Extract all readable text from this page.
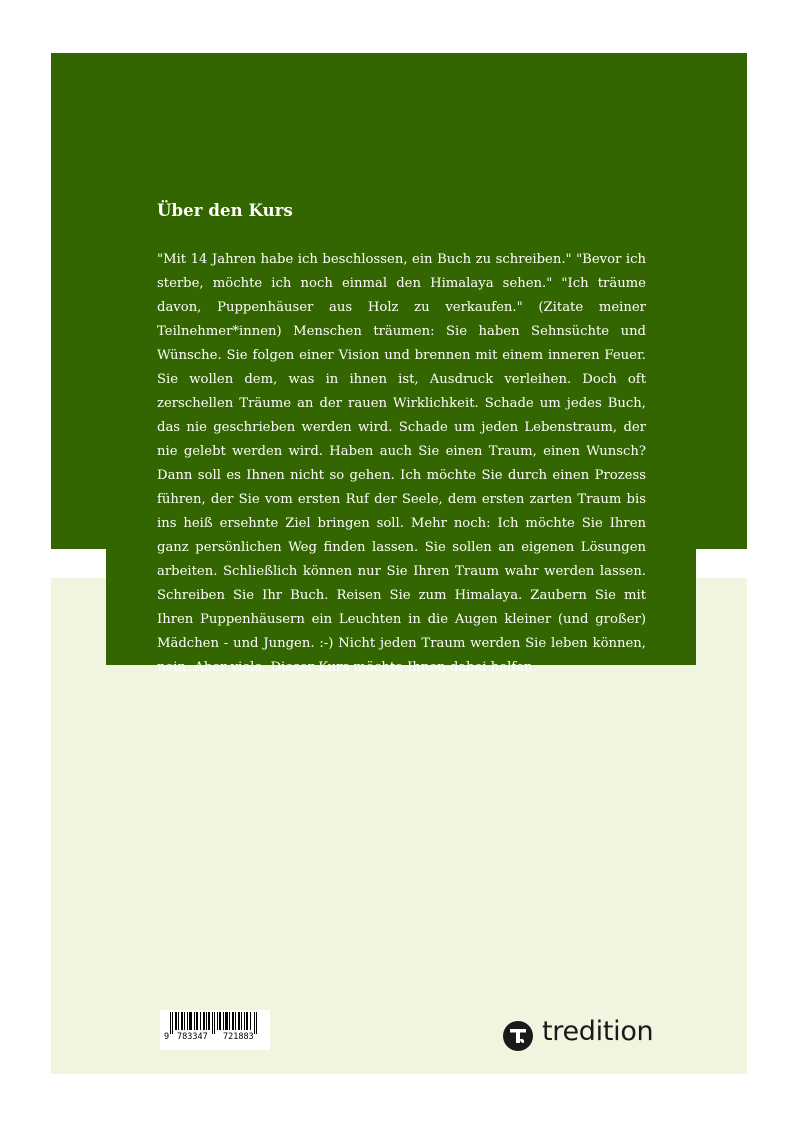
Über den Kurs

"Mit 14 Jahren habe ich beschlossen, ein Buch zu schreiben." "Bevor ich sterbe, möchte ich noch einmal den Himalaya sehen." "Ich träume davon, Puppenhäuser aus Holz zu verkaufen." (Zitate meiner Teilnehmer*innen) Menschen träumen: Sie haben Sehnsüchte und Wünsche. Sie folgen einer Vision und brennen mit einem inneren Feuer. Sie wollen dem, was in ihnen ist, Ausdruck verleihen. Doch oft zerschellen Träume an der rauen Wirklichkeit. Schade um jedes Buch, das nie geschrieben werden wird. Schade um jeden Lebenstraum, der nie gelebt werden wird. Haben auch Sie einen Traum, einen Wunsch? Dann soll es Ihnen nicht so gehen. Ich möchte Sie durch einen Prozess führen, der Sie vom ersten Ruf der Seele, dem ersten zarten Traum bis ins heiß ersehnte Ziel bringen soll. Mehr noch: Ich möchte Sie Ihren ganz persönlichen Weg finden lassen. Sie sollen an eigenen Lösungen arbeiten. Schließlich können nur Sie Ihren Traum wahr werden lassen. Schreiben Sie Ihr Buch. Reisen Sie zum Himalaya. Zaubern Sie mit Ihren Puppenhäusern ein Leuchten in die Augen kleiner (und großer) Mädchen - und Jungen. :-) Nicht jeden Traum werden Sie leben können, nein. Aber viele. Dieser Kurs möchte Ihnen dabei helfen.

9 783347 721883	tredition
